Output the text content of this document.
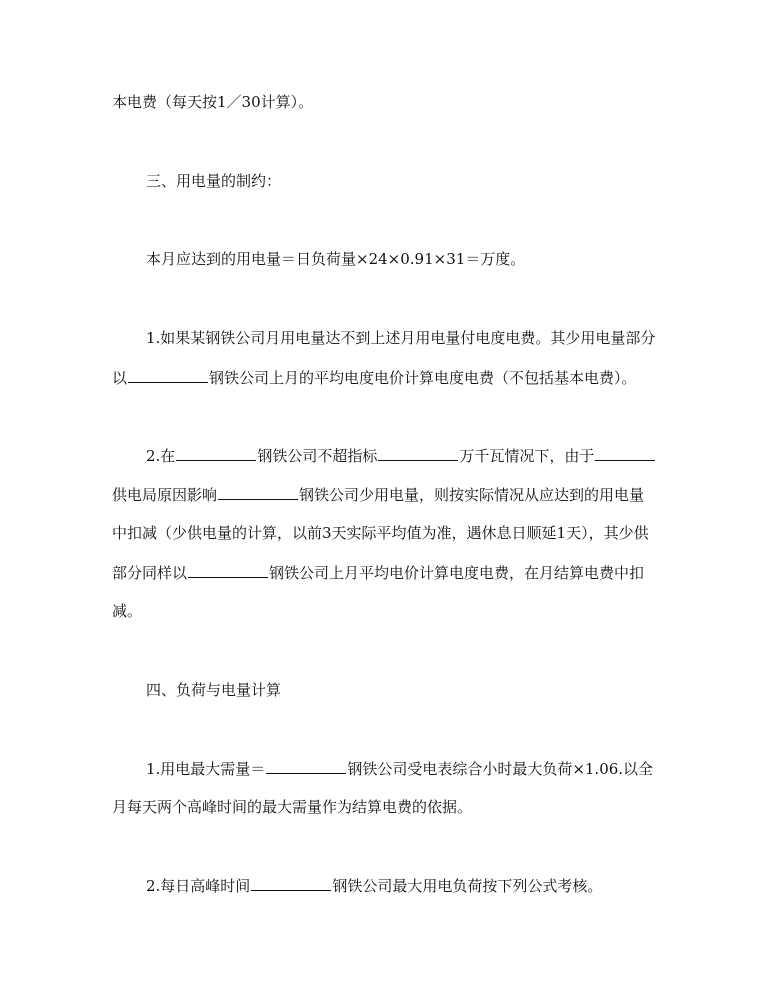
本电费（每天按1／30计算）。
三、用电量的制约：
本月应达到的用电量＝日负荷量×24×0.91×31＝万度。
1.如果某钢铁公司月用电量达不到上述月用电量付电度电费。其少用电量部分
以	钢铁公司上月的平均电度电价计算电度电费（不包括基本电费）。
2.在	钢铁公司不超指标	万千瓦情况下，由于
供电局原因影响	钢铁公司少用电量，则按实际情况从应达到的用电量
中扣减（少供电量的计算，以前3天实际平均值为准，遇休息日顺延1天），其少供
部分同样以	钢铁公司上月平均电价计算电度电费，在月结算电费中扣
减。
四、负荷与电量计算
1.用电最大需量＝	钢铁公司受电表综合小时最大负荷×1.06.以全
月每天两个高峰时间的最大需量作为结算电费的依据。
2.每日高峰时间	钢铁公司最大用电负荷按下列公式考核。
